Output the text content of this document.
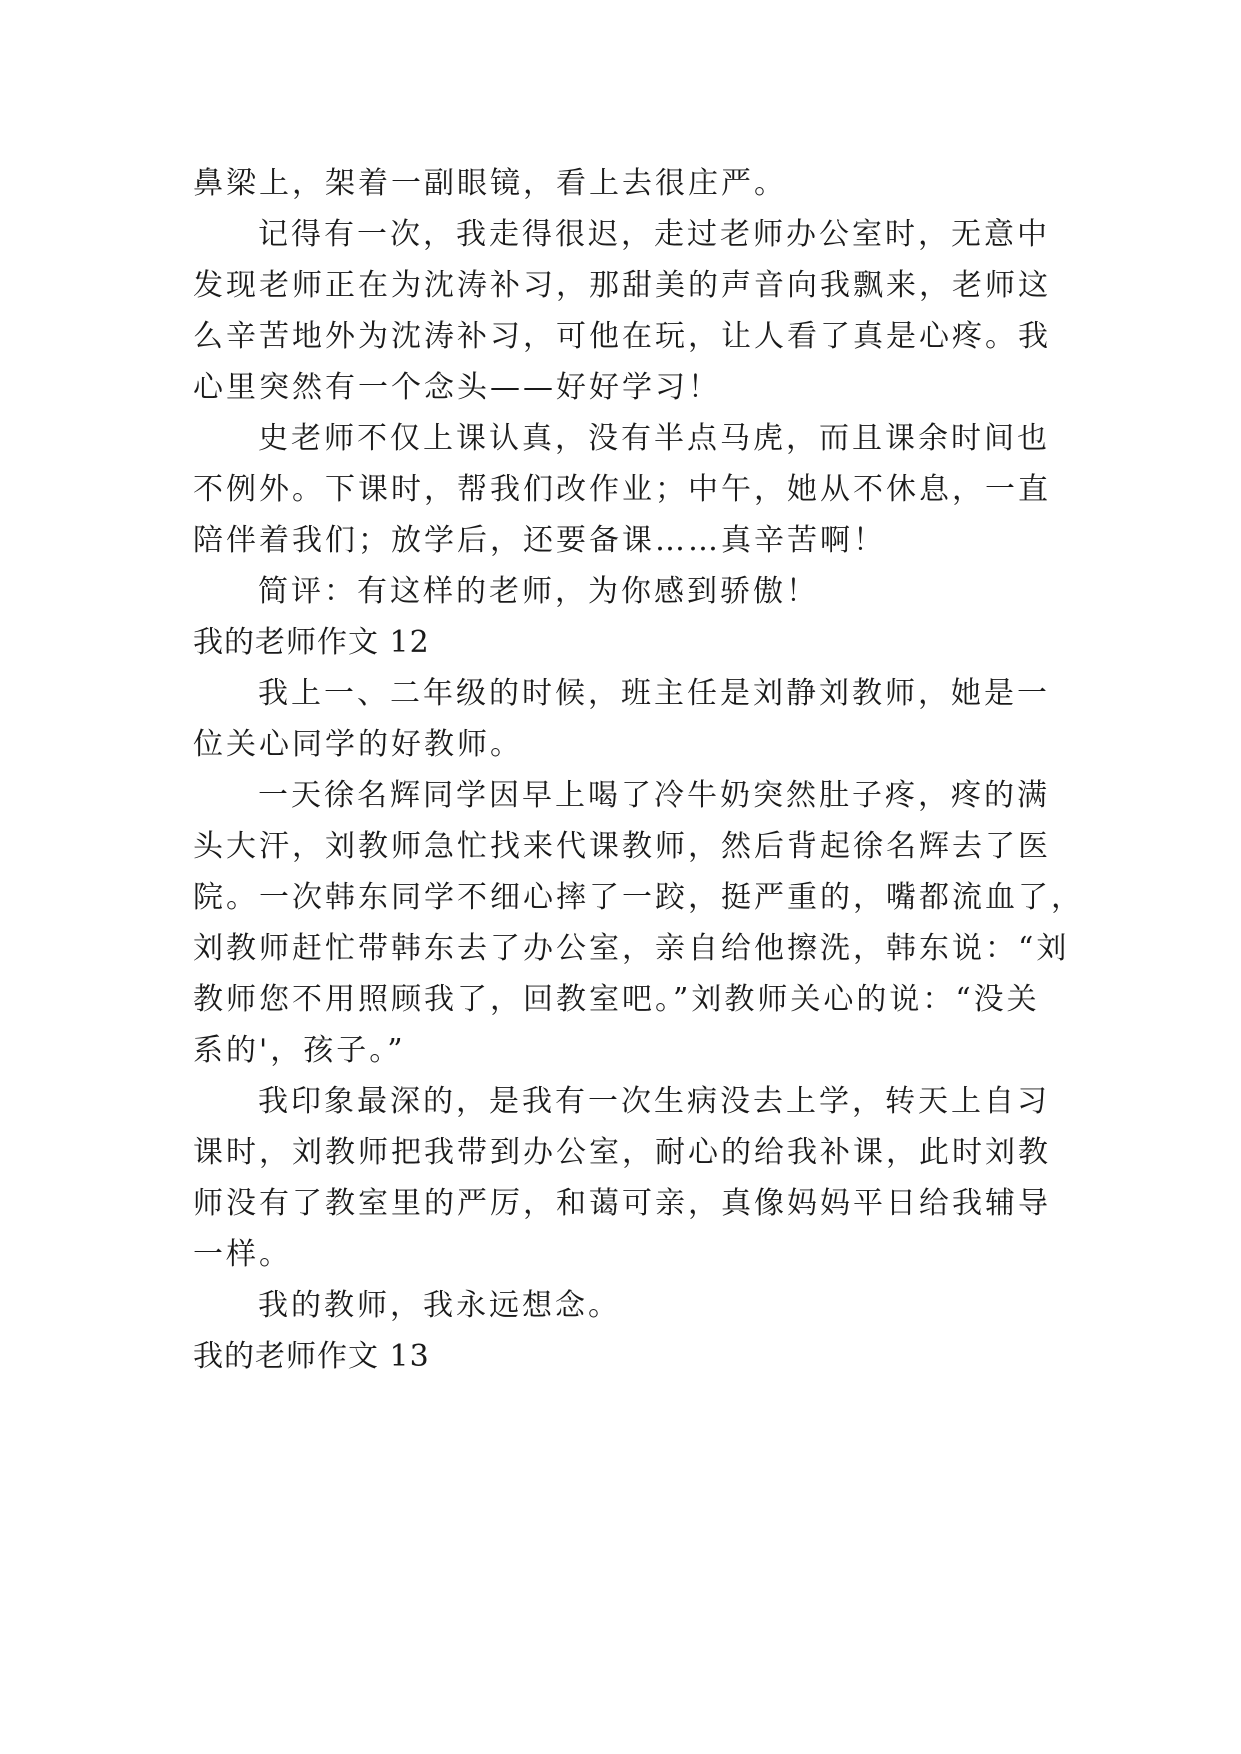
鼻梁上，架着一副眼镜，看上去很庄严。
记得有一次，我走得很迟，走过老师办公室时，无意中
发现老师正在为沈涛补习，那甜美的声音向我飘来，老师这
么辛苦地外为沈涛补习，可他在玩，让人看了真是心疼。我
心里突然有一个念头——好好学习！
史老师不仅上课认真，没有半点马虎，而且课余时间也
不例外。下课时，帮我们改作业；中午，她从不休息，一直
陪伴着我们；放学后，还要备课……真辛苦啊！
简评：有这样的老师，为你感到骄傲！
我的老师作文 12
我上一、二年级的时候，班主任是刘静刘教师，她是一
位关心同学的好教师。
一天徐名辉同学因早上喝了冷牛奶突然肚子疼，疼的满
头大汗，刘教师急忙找来代课教师，然后背起徐名辉去了医
院。一次韩东同学不细心摔了一跤，挺严重的，嘴都流血了，
刘教师赶忙带韩东去了办公室，亲自给他擦洗，韩东说：“刘
教师您不用照顾我了，回教室吧。”刘教师关心的说：“没关
系的'，孩子。”
我印象最深的，是我有一次生病没去上学，转天上自习
课时，刘教师把我带到办公室，耐心的给我补课，此时刘教
师没有了教室里的严厉，和蔼可亲，真像妈妈平日给我辅导
一样。
我的教师，我永远想念。
我的老师作文 13
